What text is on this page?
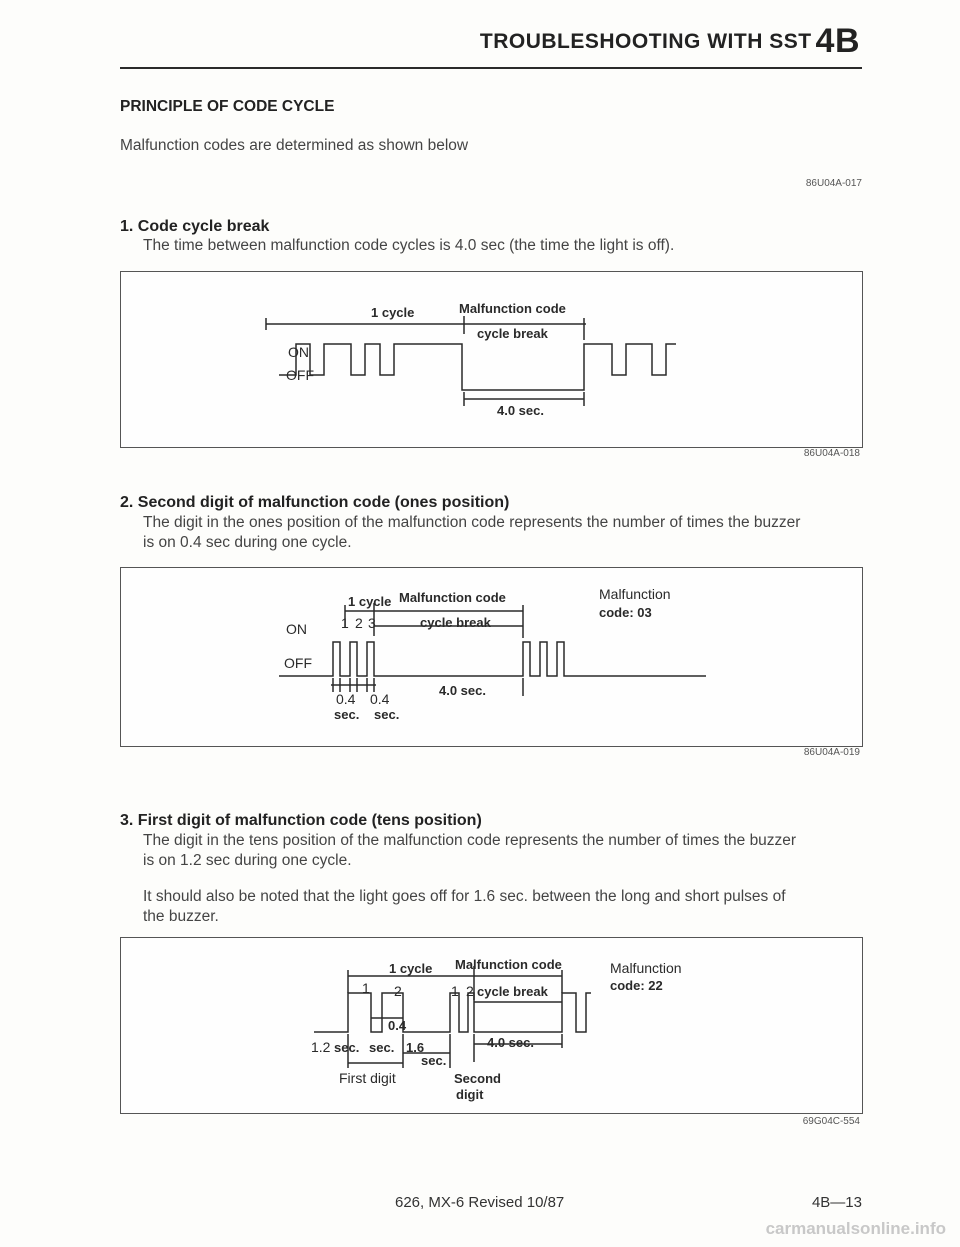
TROUBLESHOOTING WITH SST 4B
PRINCIPLE OF CODE CYCLE
Malfunction codes are determined as shown below
86U04A-017
1. Code cycle break
The time between malfunction code cycles is 4.0 sec (the time the light is off).
1 cycle	Malfunction code
cycle break
ON
OFF
4.0 sec.
86U04A-018
2. Second digit of malfunction code (ones position)
The digit in the ones position of the malfunction code represents the number of times the buzzer
is on 0.4 sec during one cycle.
1 cycle Malfunction code
cycle break
1 2 3
ON
OFF
0.4
sec.
0.4
sec.
4.0 sec.
Malfunction
code: 03
86U04A-019
3. First digit of malfunction code (tens position)
The digit in the tens position of the malfunction code represents the number of times the buzzer
is on 1.2 sec during one cycle.
It should also be noted that the light goes off for 1.6 sec. between the long and short pulses of
the buzzer.
1 cycle Malfunction code
1 2	1 2 cycle break
0.4
1.2 sec. sec. 1.6
sec.
4.0 sec.
First digit	Second
digit
Malfunction
code: 22
69G04C-554
626, MX-6 Revised 10/87	4B—13
carmanualsonline.info
